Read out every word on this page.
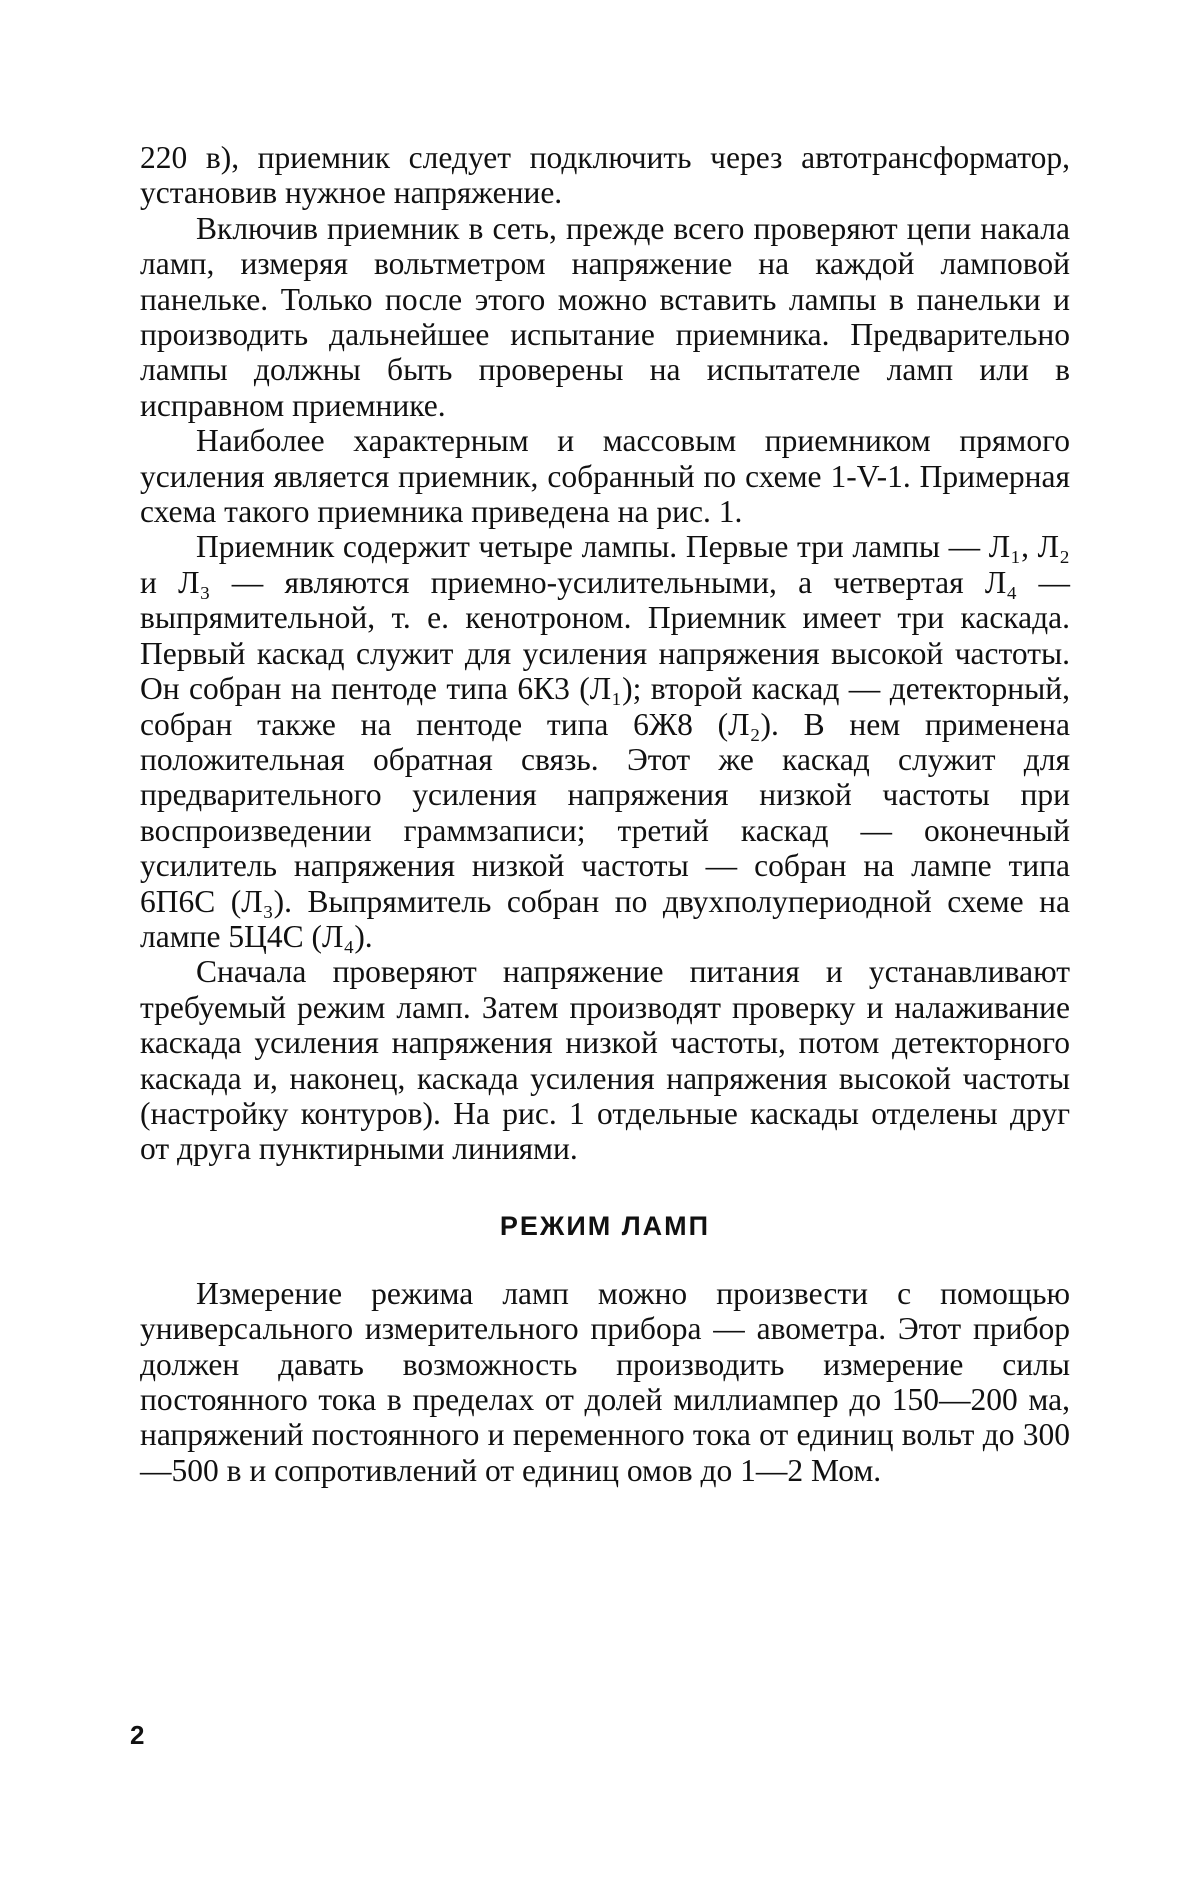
220 в), приемник следует подключить через автотрансформатор, установив нужное напряжение.

Включив приемник в сеть, прежде всего проверяют цепи накала ламп, измеряя вольтметром напряжение на каждой ламповой панельке. Только после этого можно вставить лампы в панельки и производить дальнейшее испытание приемника. Предварительно лампы должны быть проверены на испытателе ламп или в исправном приемнике.

Наиболее характерным и массовым приемником прямого усиления является приемник, собранный по схеме 1-V-1. Примерная схема такого приемника приведена на рис. 1.

Приемник содержит четыре лампы. Первые три лампы — Л₁, Л₂ и Л₃ — являются приемно-усилительными, а четвертая Л₄ — выпрямительной, т. е. кенотроном. Приемник имеет три каскада. Первый каскад служит для усиления напряжения высокой частоты. Он собран на пентоде типа 6К3 (Л₁); второй каскад — детекторный, собран также на пентоде типа 6Ж8 (Л₂). В нем применена положительная обратная связь. Этот же каскад служит для предварительного усиления напряжения низкой частоты при воспроизведении граммзаписи; третий каскад — оконечный усилитель напряжения низкой частоты — собран на лампе типа 6П6С (Л₃). Выпрямитель собран по двухполупериодной схеме на лампе 5Ц4С (Л₄).

Сначала проверяют напряжение питания и устанавливают требуемый режим ламп. Затем производят проверку и налаживание каскада усиления напряжения низкой частоты, потом детекторного каскада и, наконец, каскада усиления напряжения высокой частоты (настройку контуров). На рис. 1 отдельные каскады отделены друг от друга пунктирными линиями.

РЕЖИМ ЛАМП

Измерение режима ламп можно произвести с помощью универсального измерительного прибора — авометра. Этот прибор должен давать возможность производить измерение силы постоянного тока в пределах от долей миллиампер до 150—200 ма, напряжений постоянного и переменного тока от единиц вольт до 300—500 в и сопротивлений от единиц омов до 1—2 Мом.

2
